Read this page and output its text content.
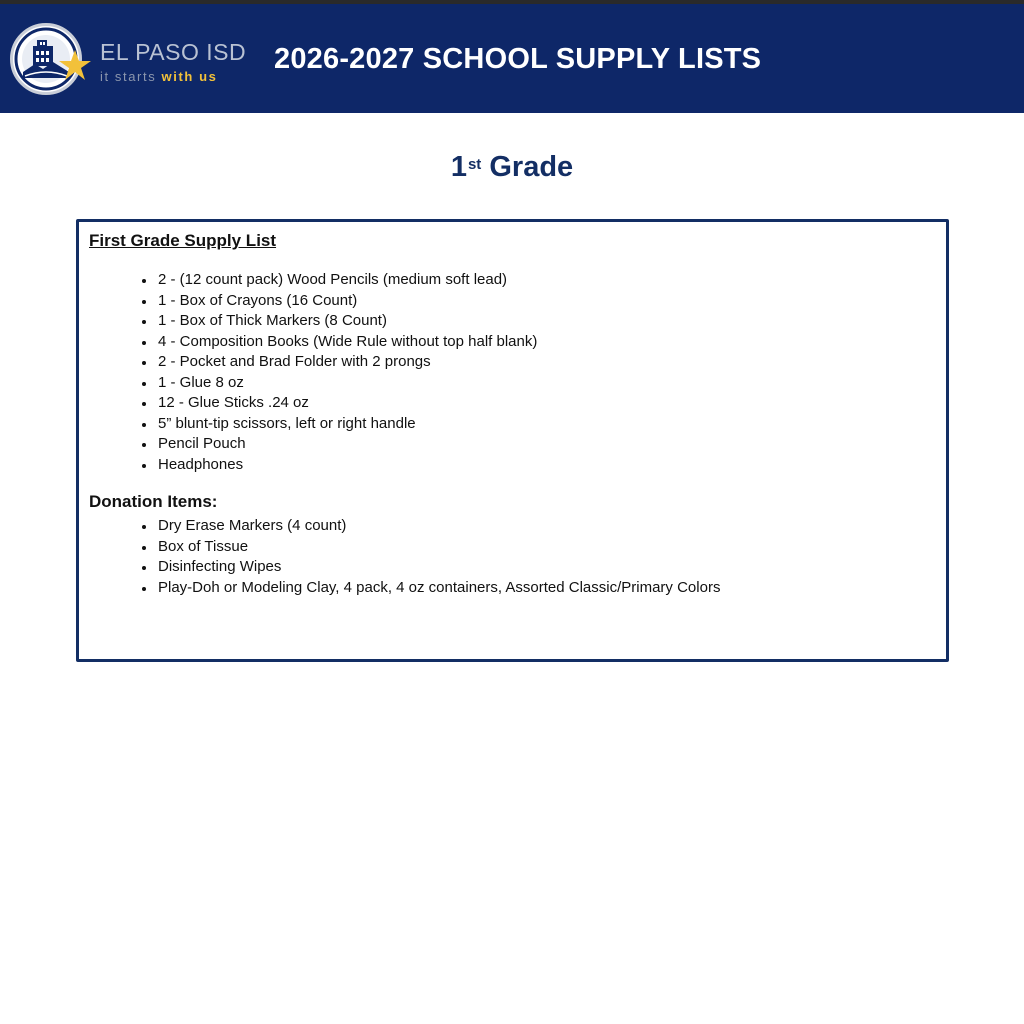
EL PASO ISD
it starts with us
2026-2027 SCHOOL SUPPLY LISTS
1st Grade
First Grade Supply List
2 - (12 count pack) Wood Pencils (medium soft lead)
1 - Box of Crayons (16 Count)
1 - Box of Thick Markers (8 Count)
4 - Composition Books (Wide Rule without top half blank)
2 - Pocket and Brad Folder with 2 prongs
1 - Glue 8 oz
12 - Glue Sticks .24 oz
5” blunt-tip scissors, left or right handle
Pencil Pouch
Headphones
Donation Items:
Dry Erase Markers (4 count)
Box of Tissue
Disinfecting Wipes
Play-Doh or Modeling Clay, 4 pack, 4 oz containers, Assorted Classic/Primary Colors
